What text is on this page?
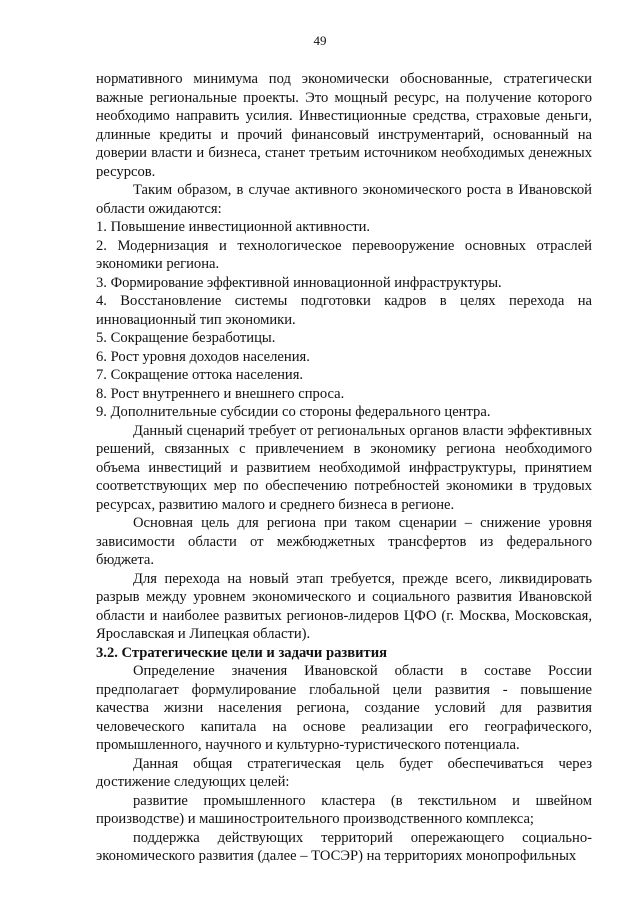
49

нормативного минимума под экономически обоснованные, стратегически важные региональные проекты. Это мощный ресурс, на получение которого необходимо направить усилия. Инвестиционные средства, страховые деньги, длинные кредиты и прочий финансовый инструментарий, основанный на доверии власти и бизнеса, станет третьим источником необходимых денежных ресурсов.

Таким образом, в случае активного экономического роста в Ивановской области ожидаются:

1. Повышение инвестиционной активности.

2. Модернизация и технологическое перевооружение основных отраслей экономики региона.

3. Формирование эффективной инновационной инфраструктуры.

4. Восстановление системы подготовки кадров в целях перехода на инновационный тип экономики.

5. Сокращение безработицы.

6. Рост уровня доходов населения.

7. Сокращение оттока населения.

8. Рост внутреннего и внешнего спроса.

9. Дополнительные субсидии со стороны федерального центра.

Данный сценарий требует от региональных органов власти эффективных решений, связанных с привлечением в экономику региона необходимого объема инвестиций и развитием необходимой инфраструктуры, принятием соответствующих мер по обеспечению потребностей экономики в трудовых ресурсах, развитию малого и среднего бизнеса в регионе.

Основная цель для региона при таком сценарии – снижение уровня зависимости области от межбюджетных трансфертов из федерального бюджета.

Для перехода на новый этап требуется, прежде всего, ликвидировать разрыв между уровнем экономического и социального развития Ивановской области и наиболее развитых регионов-лидеров ЦФО (г. Москва, Московская, Ярославская и Липецкая области).

3.2. Стратегические цели и задачи развития

Определение значения Ивановской области в составе России предполагает формулирование глобальной цели развития - повышение качества жизни населения региона, создание условий для развития человеческого капитала на основе реализации его географического, промышленного, научного и культурно-туристического потенциала.

Данная общая стратегическая цель будет обеспечиваться через достижение следующих целей:

развитие промышленного кластера (в текстильном и швейном производстве) и машиностроительного производственного комплекса;

поддержка действующих территорий опережающего социально-экономического развития (далее – ТОСЭР) на территориях монопрофильных
